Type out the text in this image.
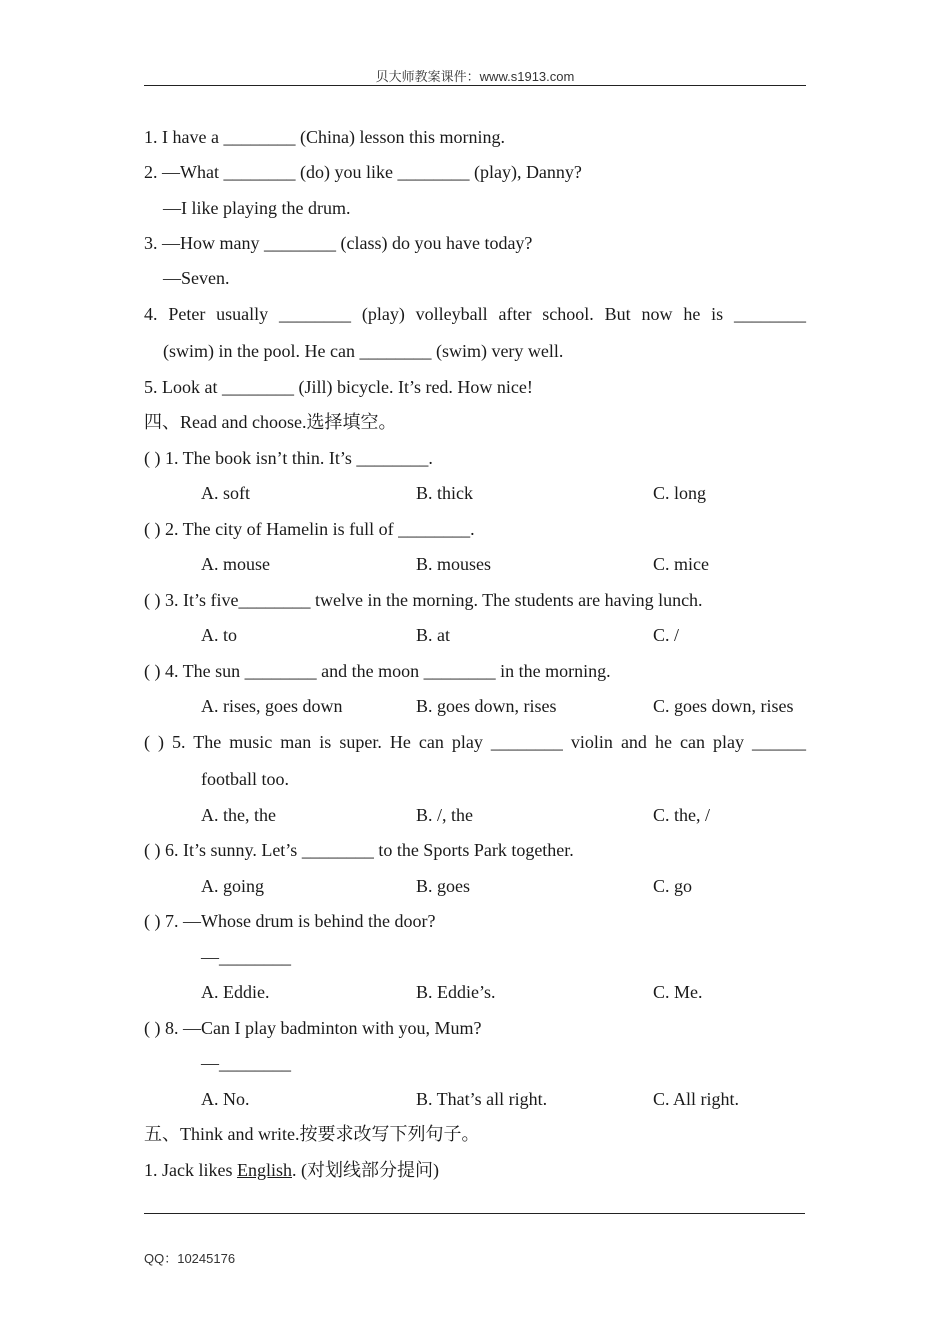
贝大师教案课件：www.s1913.com
1. I have a ________ (China) lesson this morning.
2. —What ________ (do) you like ________ (play), Danny?
—I like playing the drum.
3. —How many ________ (class) do you have today?
—Seven.
4. Peter usually ________ (play) volleyball after school. But now he is ________
(swim) in the pool. He can ________ (swim) very well.
5. Look at ________ (Jill) bicycle. It’s red. How nice!
四、Read and choose.选择填空。
( ) 1. The book isn’t thin. It’s ________.
A. soft	B. thick	C. long
( ) 2. The city of Hamelin is full of ________.
A. mouse	B. mouses	C. mice
( ) 3. It’s five________ twelve in the morning. The students are having lunch.
A. to	B. at	C. /
( ) 4. The sun ________ and the moon ________ in the morning.
A. rises, goes down	B. goes down, rises	C. goes down, rises
( ) 5. The music man is super. He can play ________ violin and he can play ______
football too.
A. the, the	B. /, the	C. the, /
( ) 6. It’s sunny. Let’s ________ to the Sports Park together.
A. going	B. goes	C. go
( ) 7. —Whose drum is behind the door?
—________
A. Eddie.	B. Eddie’s.	C. Me.
( ) 8. —Can I play badminton with you, Mum?
—________
A. No.	B. That’s all right.	C. All right.
五、Think and write.按要求改写下列句子。
1. Jack likes English. (对划线部分提问)
QQ：10245176
